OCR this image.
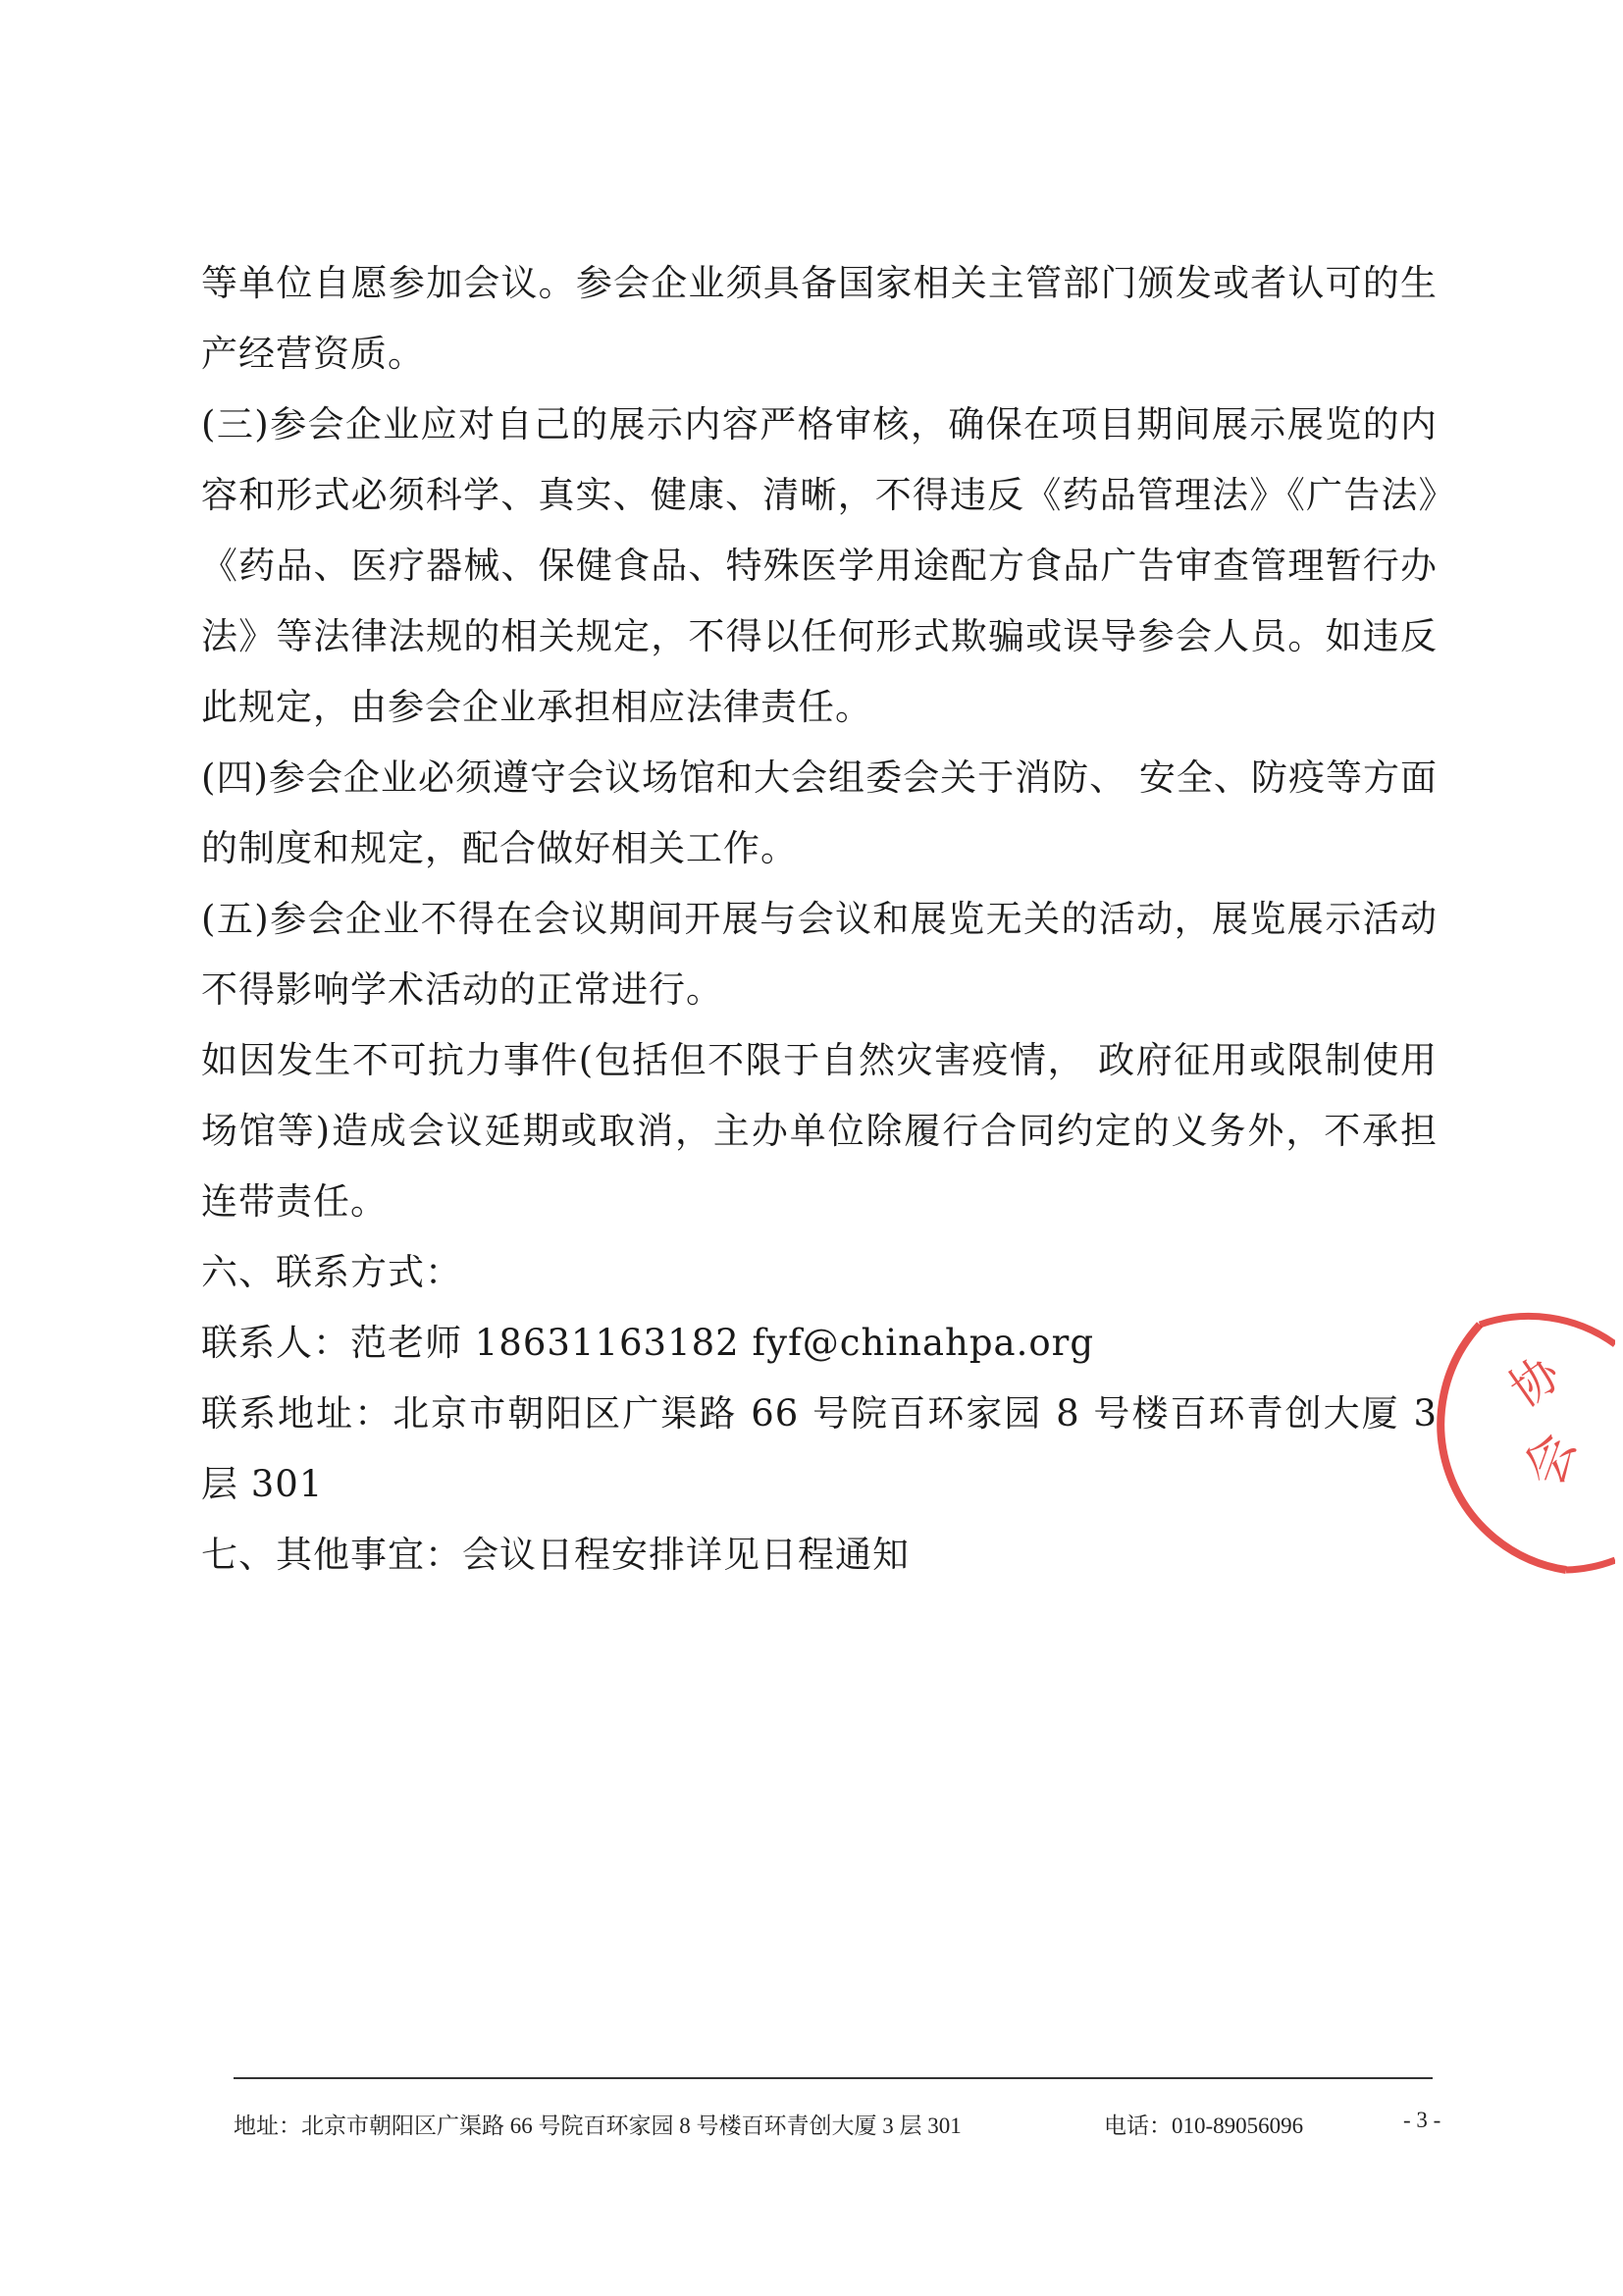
等单位自愿参加会议。参会企业须具备国家相关主管部门颁发或者认可的生产经营资质。

(三)参会企业应对自己的展示内容严格审核，确保在项目期间展示展览的内容和形式必须科学、真实、健康、清晰，不得违反《药品管理法》《广告法》《药品、医疗器械、保健食品、特殊医学用途配方食品广告审查管理暂行办法》等法律法规的相关规定，不得以任何形式欺骗或误导参会人员。如违反此规定，由参会企业承担相应法律责任。

(四)参会企业必须遵守会议场馆和大会组委会关于消防、 安全、防疫等方面的制度和规定，配合做好相关工作。

(五)参会企业不得在会议期间开展与会议和展览无关的活动，展览展示活动不得影响学术活动的正常进行。

如因发生不可抗力事件(包括但不限于自然灾害疫情， 政府征用或限制使用场馆等)造成会议延期或取消，主办单位除履行合同约定的义务外，不承担连带责任。

六、联系方式：

联系人：范老师 18631163182 fyf@chinahpa.org

联系地址：北京市朝阳区广渠路 66 号院百环家园 8 号楼百环青创大厦 3 层 301

七、其他事宜：会议日程安排详见日程通知

协
会
地址：北京市朝阳区广渠路 66 号院百环家园 8 号楼百环青创大厦 3 层 301	电话：010-89056096	- 3 -
